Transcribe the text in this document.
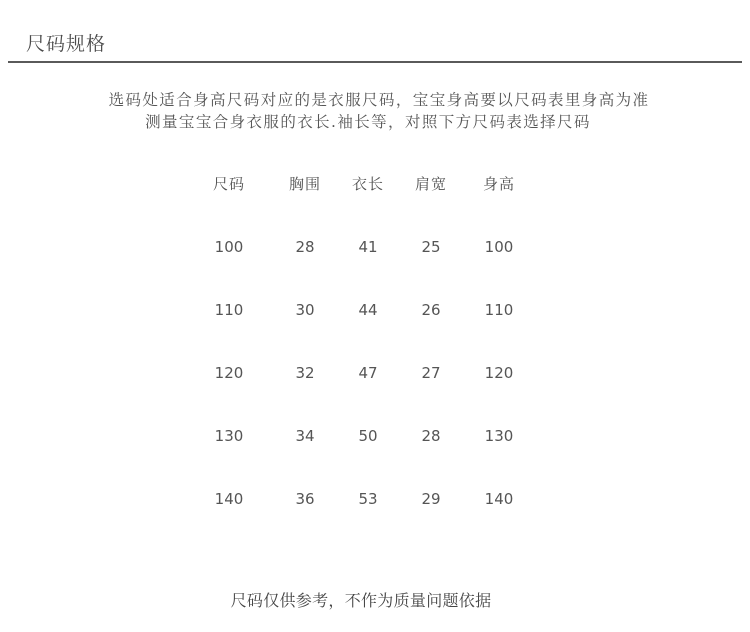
尺码规格
选码处适合身高尺码对应的是衣服尺码，宝宝身高要以尺码表里身高为准
测量宝宝合身衣服的衣长.袖长等，对照下方尺码表选择尺码
尺码	胸围	衣长	肩宽	身高
100	28	41	25	100
110	30	44	26	110
120	32	47	27	120
130	34	50	28	130
140	36	53	29	140
尺码仅供参考，不作为质量问题依据
